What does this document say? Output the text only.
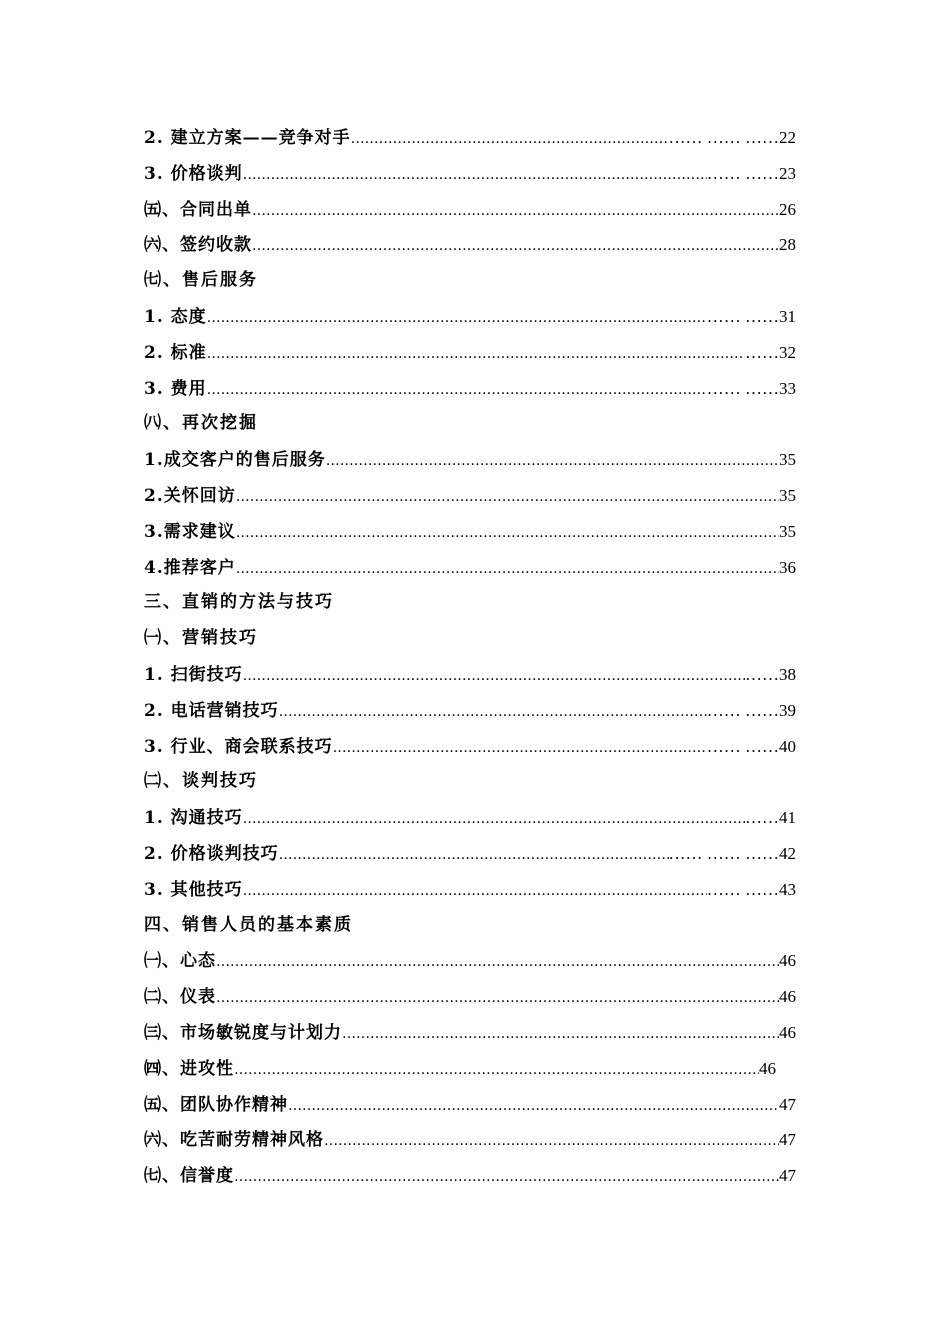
2. 建立方案——竞争对手 ……………………………………………………………………………………………………………………………………………………………………………………………………………………	…… …… ……22
3. 价格谈判 ……………………………………………………………………………………………………………………………………………………………………………………………………………………	…… ……23
㈤、合同出单 ……………………………………………………………………………………………………………………………………………………………………………………………………………………	26
㈥、签约收款 ……………………………………………………………………………………………………………………………………………………………………………………………………………………	28
㈦、售后服务
1. 态度 ……………………………………………………………………………………………………………………………………………………………………………………………………………………	…… ……31
2. 标准 ……………………………………………………………………………………………………………………………………………………………………………………………………………………	……32
3. 费用 ……………………………………………………………………………………………………………………………………………………………………………………………………………………	…… ……33
㈧、再次挖掘
1.成交客户的售后服务 ……………………………………………………………………………………………………………………………………………………………………………………………………………………	35
2.关怀回访 ……………………………………………………………………………………………………………………………………………………………………………………………………………………	35
3.需求建议 ……………………………………………………………………………………………………………………………………………………………………………………………………………………	35
4.推荐客户 ……………………………………………………………………………………………………………………………………………………………………………………………………………………	36
三、直销的方法与技巧
㈠、营销技巧
1. 扫街技巧 ……………………………………………………………………………………………………………………………………………………………………………………………………………………	……38
2. 电话营销技巧 ……………………………………………………………………………………………………………………………………………………………………………………………………………………	…… ……39
3. 行业、商会联系技巧 ……………………………………………………………………………………………………………………………………………………………………………………………………………………	…… ……40
㈡、谈判技巧
1. 沟通技巧 ……………………………………………………………………………………………………………………………………………………………………………………………………………………	……41
2. 价格谈判技巧 ……………………………………………………………………………………………………………………………………………………………………………………………………………………	…… …… ……42
3. 其他技巧 ……………………………………………………………………………………………………………………………………………………………………………………………………………………	…… ……43
四、销售人员的基本素质
㈠、心态 ……………………………………………………………………………………………………………………………………………………………………………………………………………………	46
㈡、仪表 ……………………………………………………………………………………………………………………………………………………………………………………………………………………	46
㈢、市场敏锐度与计划力 ……………………………………………………………………………………………………………………………………………………………………………………………………………………	46
㈣、进攻性 ……………………………………………………………………………………………………………………………………………………………………………………………………………………	46
㈤、团队协作精神 ……………………………………………………………………………………………………………………………………………………………………………………………………………………	47
㈥、吃苦耐劳精神风格 ……………………………………………………………………………………………………………………………………………………………………………………………………………………	47
㈦、信誉度 ……………………………………………………………………………………………………………………………………………………………………………………………………………………	47
